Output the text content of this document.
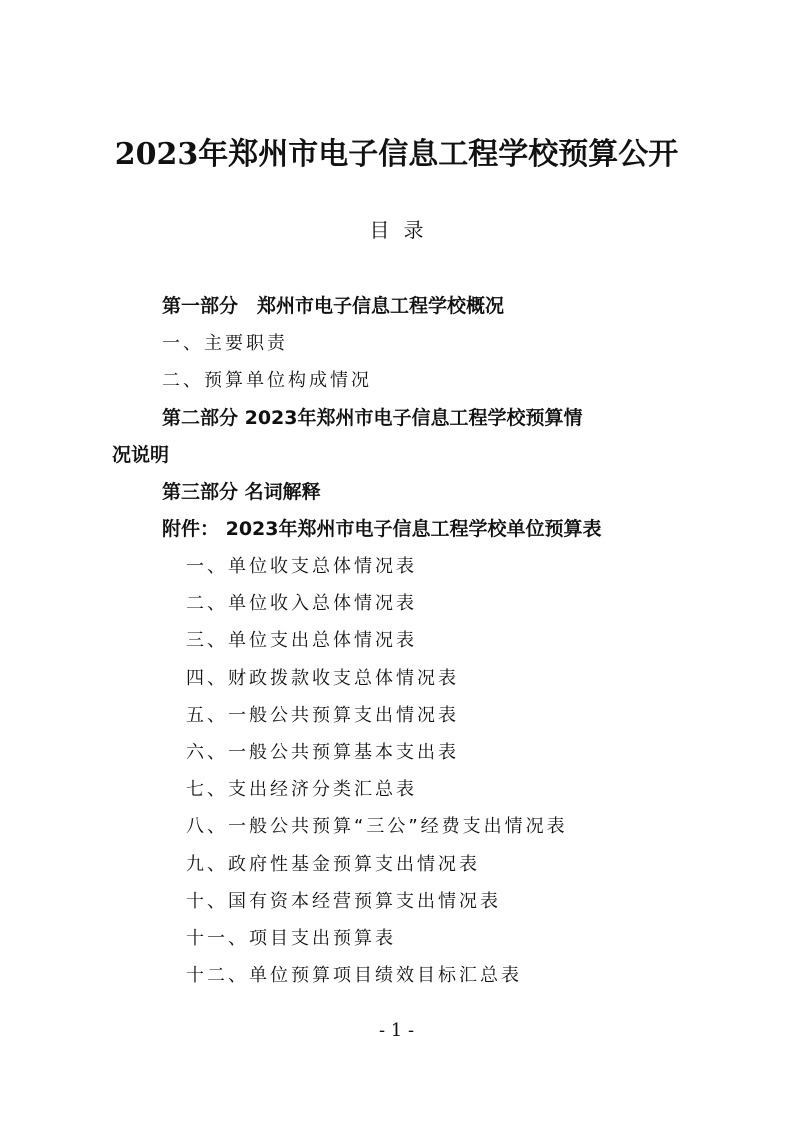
2023年郑州市电子信息工程学校预算公开
目录
第一部分　郑州市电子信息工程学校概况
一、主要职责
二、预算单位构成情况
第二部分 2023年郑州市电子信息工程学校预算情
况说明
第三部分 名词解释
附件： 2023年郑州市电子信息工程学校单位预算表
一、单位收支总体情况表
二、单位收入总体情况表
三、单位支出总体情况表
四、财政拨款收支总体情况表
五、一般公共预算支出情况表
六、一般公共预算基本支出表
七、支出经济分类汇总表
八、一般公共预算“三公”经费支出情况表
九、政府性基金预算支出情况表
十、国有资本经营预算支出情况表
十一、项目支出预算表
十二、单位预算项目绩效目标汇总表
- 1 -
